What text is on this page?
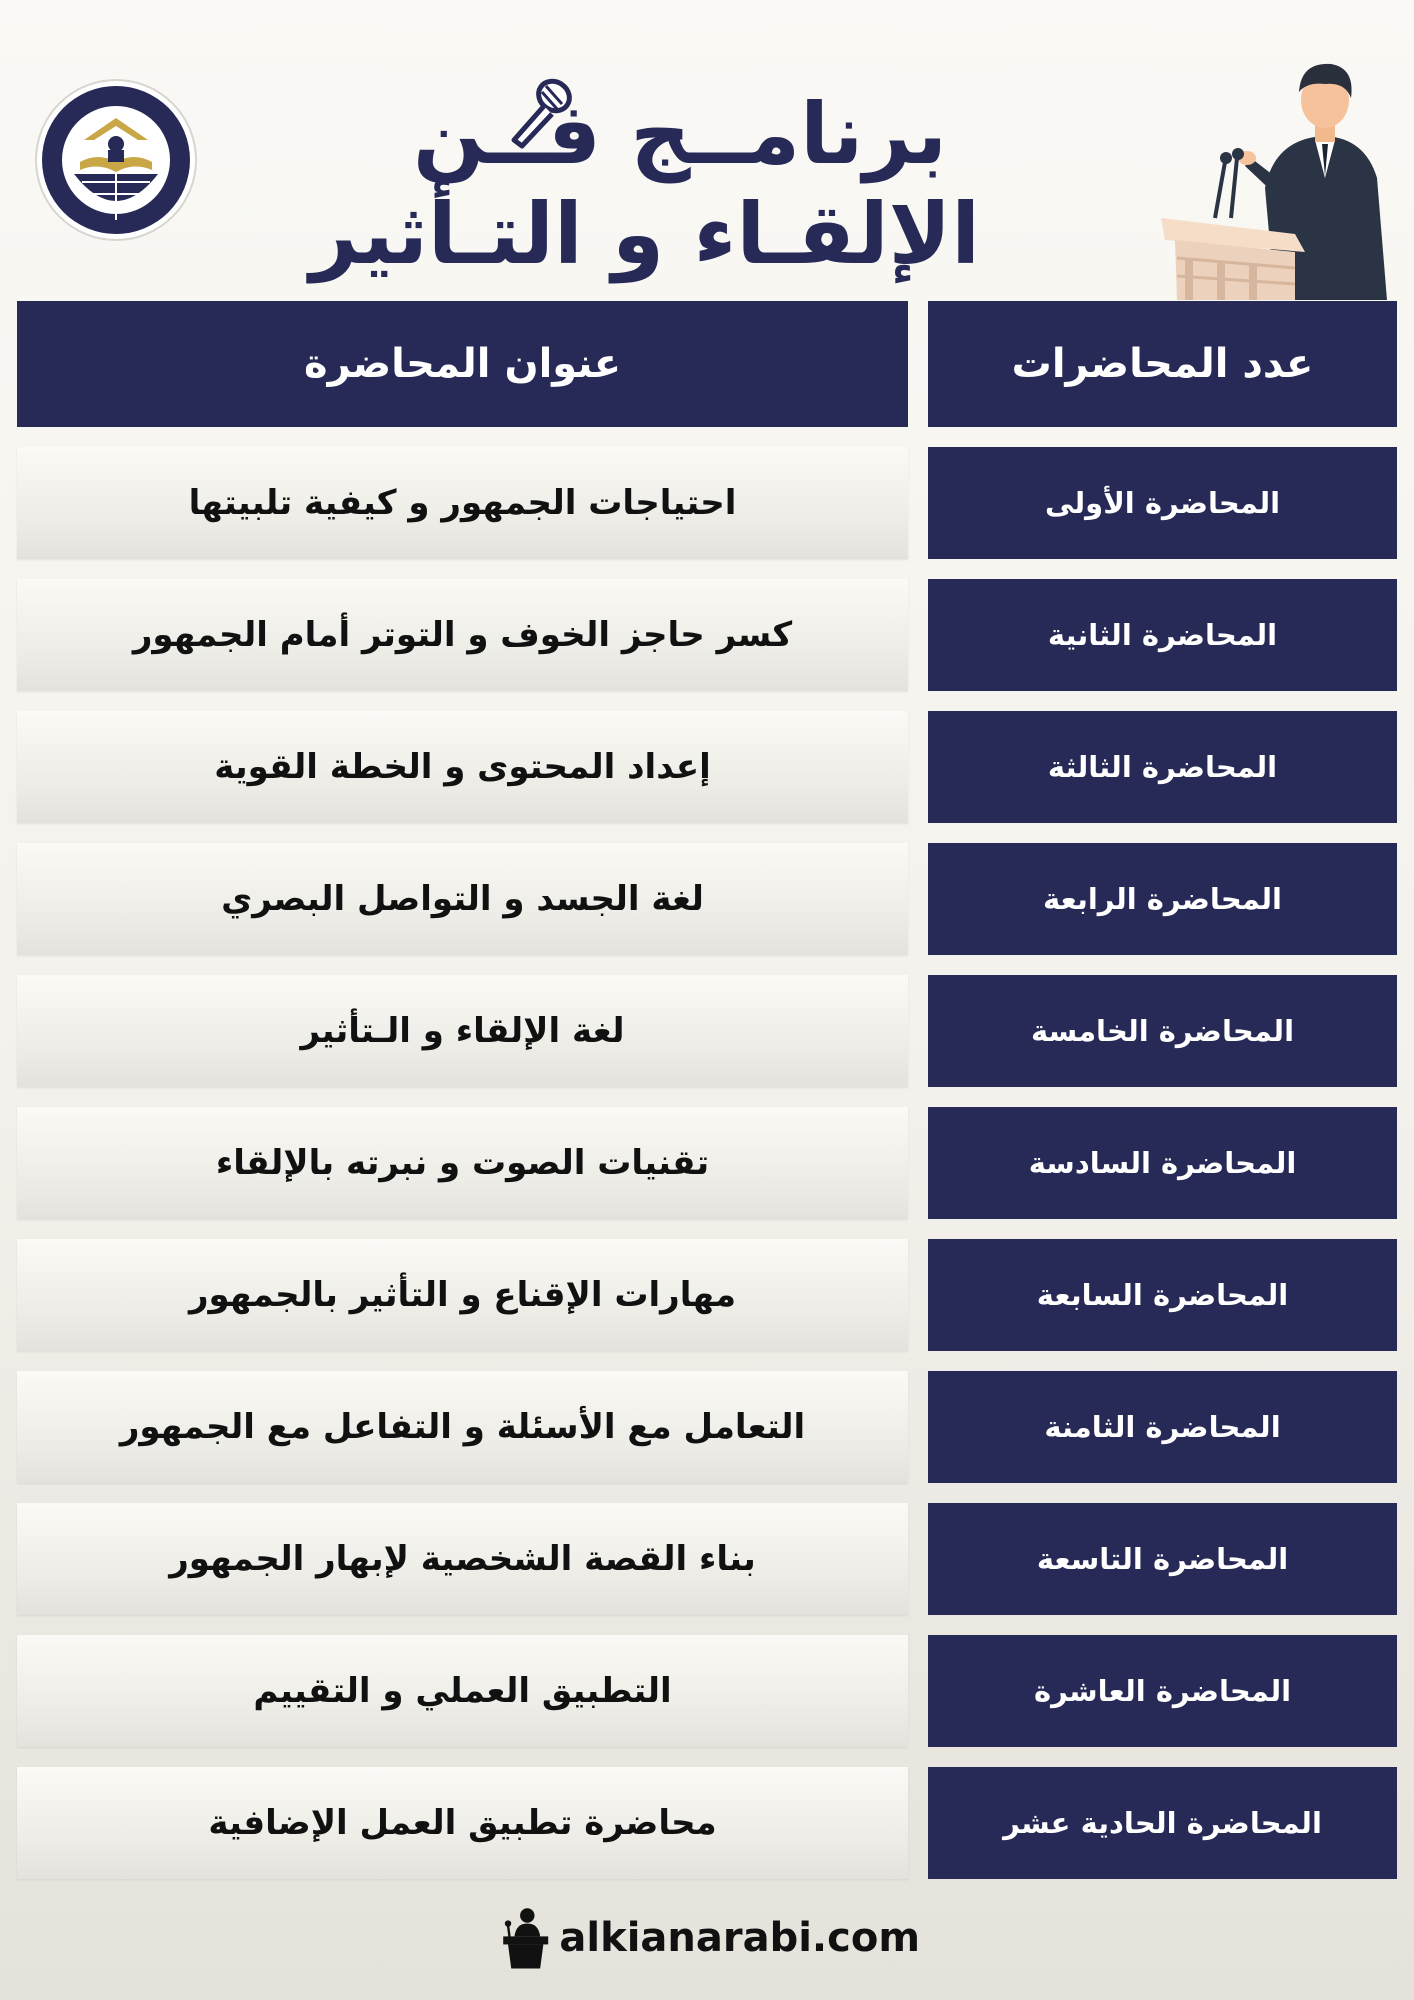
برنامــج فــن
الإلقـاء و التـأثير
عدد المحاضرات
عنوان المحاضرة
المحاضرة الأولى
احتياجات الجمهور و كيفية تلبيتها
المحاضرة الثانية
كسر حاجز الخوف و التوتر أمام الجمهور
المحاضرة الثالثة
إعداد المحتوى و الخطة القوية
المحاضرة الرابعة
لغة الجسد و التواصل البصري
المحاضرة الخامسة
لغة الإلقاء و الـتأثير
المحاضرة السادسة
تقنيات الصوت و نبرته بالإلقاء
المحاضرة السابعة
مهارات الإقناع و التأثير بالجمهور
المحاضرة الثامنة
التعامل مع الأسئلة و التفاعل مع الجمهور
المحاضرة التاسعة
بناء القصة الشخصية لإبهار الجمهور
المحاضرة العاشرة
التطبيق العملي و التقييم
المحاضرة الحادية عشر
محاضرة تطبيق العمل الإضافية
alkianarabi.com
